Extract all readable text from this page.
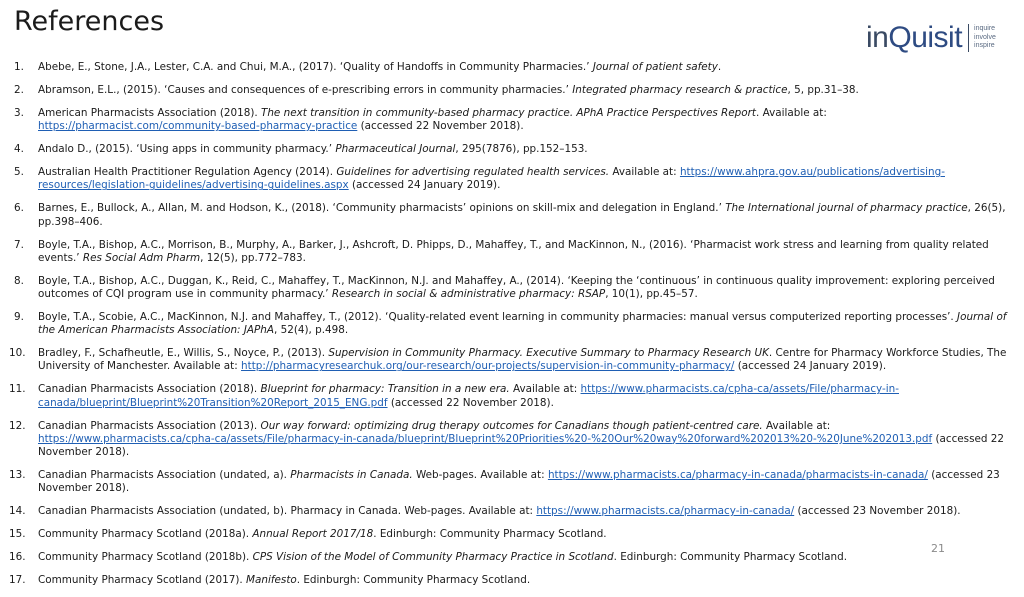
References	inQuisit inquire
involve
inspire
1. Abebe, E., Stone, J.A., Lester, C.A. and Chui, M.A., (2017). ‘Quality of Handoffs in Community Pharmacies.’ Journal of patient safety.
2. Abramson, E.L., (2015). ‘Causes and consequences of e-prescribing errors in community pharmacies.’ Integrated pharmacy research & practice, 5, pp.31–38.
3. American Pharmacists Association (2018). The next transition in community-based pharmacy practice. APhA Practice Perspectives Report. Available at: https://pharmacist.com/community-based-pharmacy-practice (accessed 22 November 2018).
4. Andalo D., (2015). ‘Using apps in community pharmacy.’ Pharmaceutical Journal, 295(7876), pp.152–153.
5. Australian Health Practitioner Regulation Agency (2014). Guidelines for advertising regulated health services. Available at: https://www.ahpra.gov.au/publications/advertising-resources/legislation-guidelines/advertising-guidelines.aspx (accessed 24 January 2019).
6. Barnes, E., Bullock, A., Allan, M. and Hodson, K., (2018). ‘Community pharmacists’ opinions on skill-mix and delegation in England.’ The International journal of pharmacy practice, 26(5), pp.398–406.
7. Boyle, T.A., Bishop, A.C., Morrison, B., Murphy, A., Barker, J., Ashcroft, D. Phipps, D., Mahaffey, T., and MacKinnon, N., (2016). ‘Pharmacist work stress and learning from quality related events.’ Res Social Adm Pharm, 12(5), pp.772–783.
8. Boyle, T.A., Bishop, A.C., Duggan, K., Reid, C., Mahaffey, T., MacKinnon, N.J. and Mahaffey, A., (2014). ‘Keeping the ‘continuous’ in continuous quality improvement: exploring perceived outcomes of CQI program use in community pharmacy.’ Research in social & administrative pharmacy: RSAP, 10(1), pp.45–57.
9. Boyle, T.A., Scobie, A.C., MacKinnon, N.J. and Mahaffey, T., (2012). ‘Quality-related event learning in community pharmacies: manual versus computerized reporting processes’. Journal of the American Pharmacists Association: JAPhA, 52(4), p.498.
10. Bradley, F., Schafheutle, E., Willis, S., Noyce, P., (2013). Supervision in Community Pharmacy. Executive Summary to Pharmacy Research UK. Centre for Pharmacy Workforce Studies, The University of Manchester. Available at: http://pharmacyresearchuk.org/our-research/our-projects/supervision-in-community-pharmacy/ (accessed 24 January 2019).
11. Canadian Pharmacists Association (2018). Blueprint for pharmacy: Transition in a new era. Available at: https://www.pharmacists.ca/cpha-ca/assets/File/pharmacy-in-canada/blueprint/Blueprint%20Transition%20Report_2015_ENG.pdf (accessed 22 November 2018).
12. Canadian Pharmacists Association (2013). Our way forward: optimizing drug therapy outcomes for Canadians though patient-centred care. Available at: https://www.pharmacists.ca/cpha-ca/assets/File/pharmacy-in-canada/blueprint/Blueprint%20Priorities%20-%20Our%20way%20forward%202013%20-%20June%202013.pdf (accessed 22 November 2018).
13. Canadian Pharmacists Association (undated, a). Pharmacists in Canada. Web-pages. Available at: https://www.pharmacists.ca/pharmacy-in-canada/pharmacists-in-canada/ (accessed 23 November 2018).
14. Canadian Pharmacists Association (undated, b). Pharmacy in Canada. Web-pages. Available at: https://www.pharmacists.ca/pharmacy-in-canada/ (accessed 23 November 2018).
15. Community Pharmacy Scotland (2018a). Annual Report 2017/18. Edinburgh: Community Pharmacy Scotland.
16. Community Pharmacy Scotland (2018b). CPS Vision of the Model of Community Pharmacy Practice in Scotland. Edinburgh: Community Pharmacy Scotland.
17. Community Pharmacy Scotland (2017). Manifesto. Edinburgh: Community Pharmacy Scotland.
21
